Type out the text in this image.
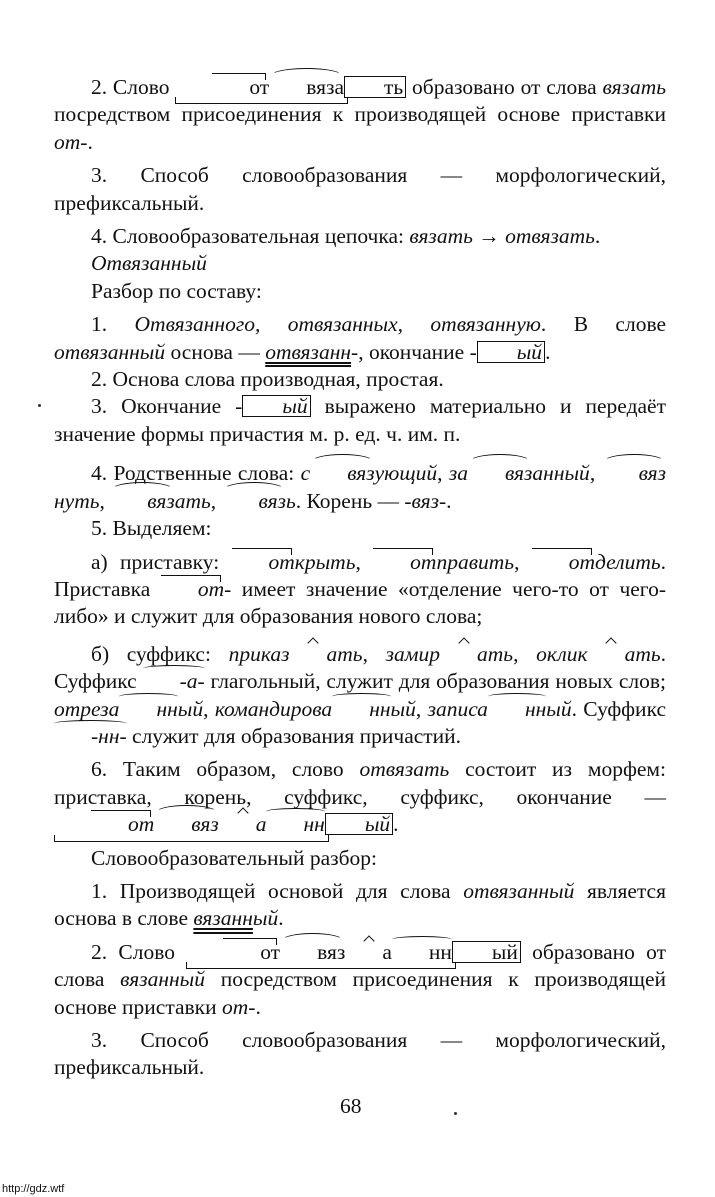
2. Слово	от вяза ть образовано от слова вязать посредством присоединения к производящей основе приставки от-.

3. Способ словообразования — морфологический, префиксальный.

4. Словообразовательная цепочка: вязать → отвязать.

Отвязанный

Разбор по составу:

1. Отвязанного, отвязанных, отвязанную. В слове отвязанный основа — отвязанн-, окончание - ый .

2. Основа слова производная, простая.

3. Окончание - ый выражено материально и передаёт значение формы причастия м. р. ед. ч. им. п.

4. Родственные слова: с вязующий, за вязанный,
вязнуть,
вязать,
вязь. Корень — -вяз-.

5. Выделяем:

а) приставку:
открыть,
отправить,
отделить. Приставка
от- имеет значение «отделение чего-то от чего-либо» и служит для образования нового слова;

б) суффикс: приказ ать, замир ать, оклик ать. Суффикс
-а- глагольный, служит для образования новых слов; отреза нный, командирова нный, записа нный. Суффикс
-нн- служит для образования причастий.

6. Таким образом, слово отвязать состоит из морфем: приставка, корень, суффикс, суффикс, окончание —
от вяз а нн ый .

Словообразовательный разбор:

1. Производящей основой для слова отвязанный является основа в слове вязанный.

2. Слово	от вяз а нн ый образовано от слова вязанный посредством присоединения к производящей основе приставки от-.

3. Способ словообразования — морфологический, префиксальный.

68
http://gdz.wtf
